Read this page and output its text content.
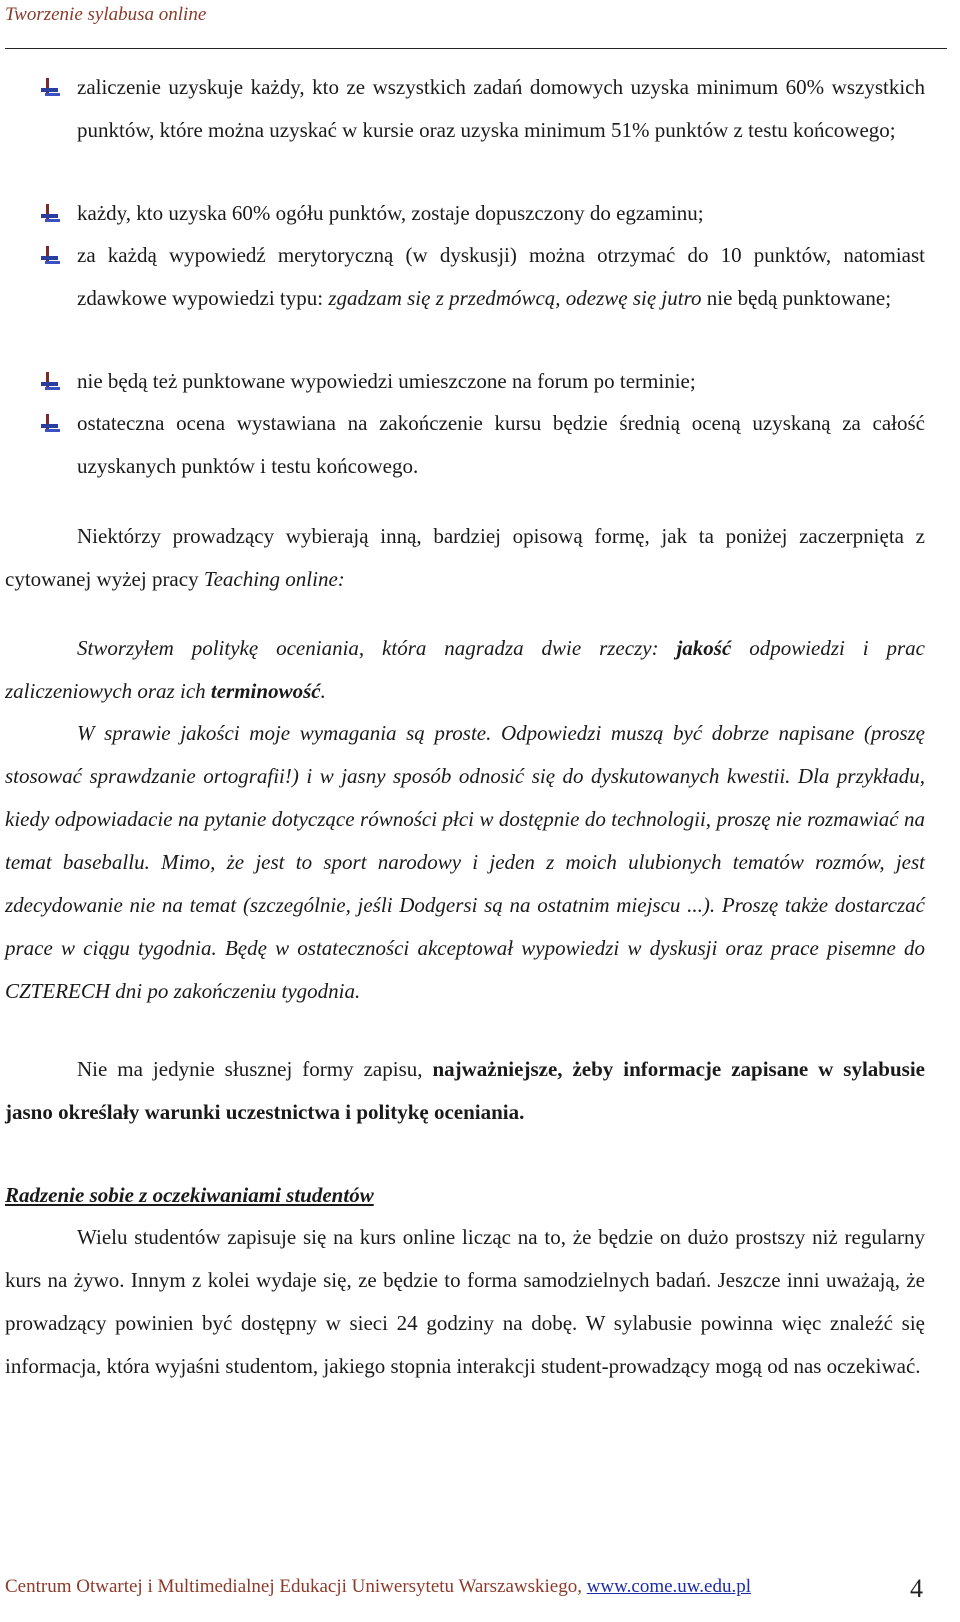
Tworzenie sylabusa online

zaliczenie uzyskuje każdy, kto ze wszystkich zadań domowych uzyska minimum 60% wszystkich punktów, które można uzyskać w kursie oraz uzyska minimum 51% punktów z testu końcowego;

każdy, kto uzyska 60% ogółu punktów, zostaje dopuszczony do egzaminu;

za każdą wypowiedź merytoryczną (w dyskusji) można otrzymać do 10 punktów, natomiast zdawkowe wypowiedzi typu: zgadzam się z przedmówcą, odezwę się jutro nie będą punktowane;

nie będą też punktowane wypowiedzi umieszczone na forum po terminie;

ostateczna ocena wystawiana na zakończenie kursu będzie średnią oceną uzyskaną za całość uzyskanych punktów i testu końcowego.

Niektórzy prowadzący wybierają inną, bardziej opisową formę, jak ta poniżej zaczerpnięta z cytowanej wyżej pracy Teaching online:

Stworzyłem politykę oceniania, która nagradza dwie rzeczy: jakość odpowiedzi i prac zaliczeniowych oraz ich terminowość.

W sprawie jakości moje wymagania są proste. Odpowiedzi muszą być dobrze napisane (proszę stosować sprawdzanie ortografii!) i w jasny sposób odnosić się do dyskutowanych kwestii. Dla przykładu, kiedy odpowiadacie na pytanie dotyczące równości płci w dostępnie do technologii, proszę nie rozmawiać na temat baseballu. Mimo, że jest to sport narodowy i jeden z moich ulubionych tematów rozmów, jest zdecydowanie nie na temat (szczególnie, jeśli Dodgersi są na ostatnim miejscu ...). Proszę także dostarczać prace w ciągu tygodnia. Będę w ostateczności akceptował wypowiedzi w dyskusji oraz prace pisemne do CZTERECH dni po zakończeniu tygodnia.

Nie ma jedynie słusznej formy zapisu, najważniejsze, żeby informacje zapisane w sylabusie jasno określały warunki uczestnictwa i politykę oceniania.

Radzenie sobie z oczekiwaniami studentów

Wielu studentów zapisuje się na kurs online licząc na to, że będzie on dużo prostszy niż regularny kurs na żywo. Innym z kolei wydaje się, ze będzie to forma samodzielnych badań. Jeszcze inni uważają, że prowadzący powinien być dostępny w sieci 24 godziny na dobę. W sylabusie powinna więc znaleźć się informacja, która wyjaśni studentom, jakiego stopnia interakcji student-prowadzący mogą od nas oczekiwać.

Centrum Otwartej i Multimedialnej Edukacji Uniwersytetu Warszawskiego, www.come.uw.edu.pl	4
